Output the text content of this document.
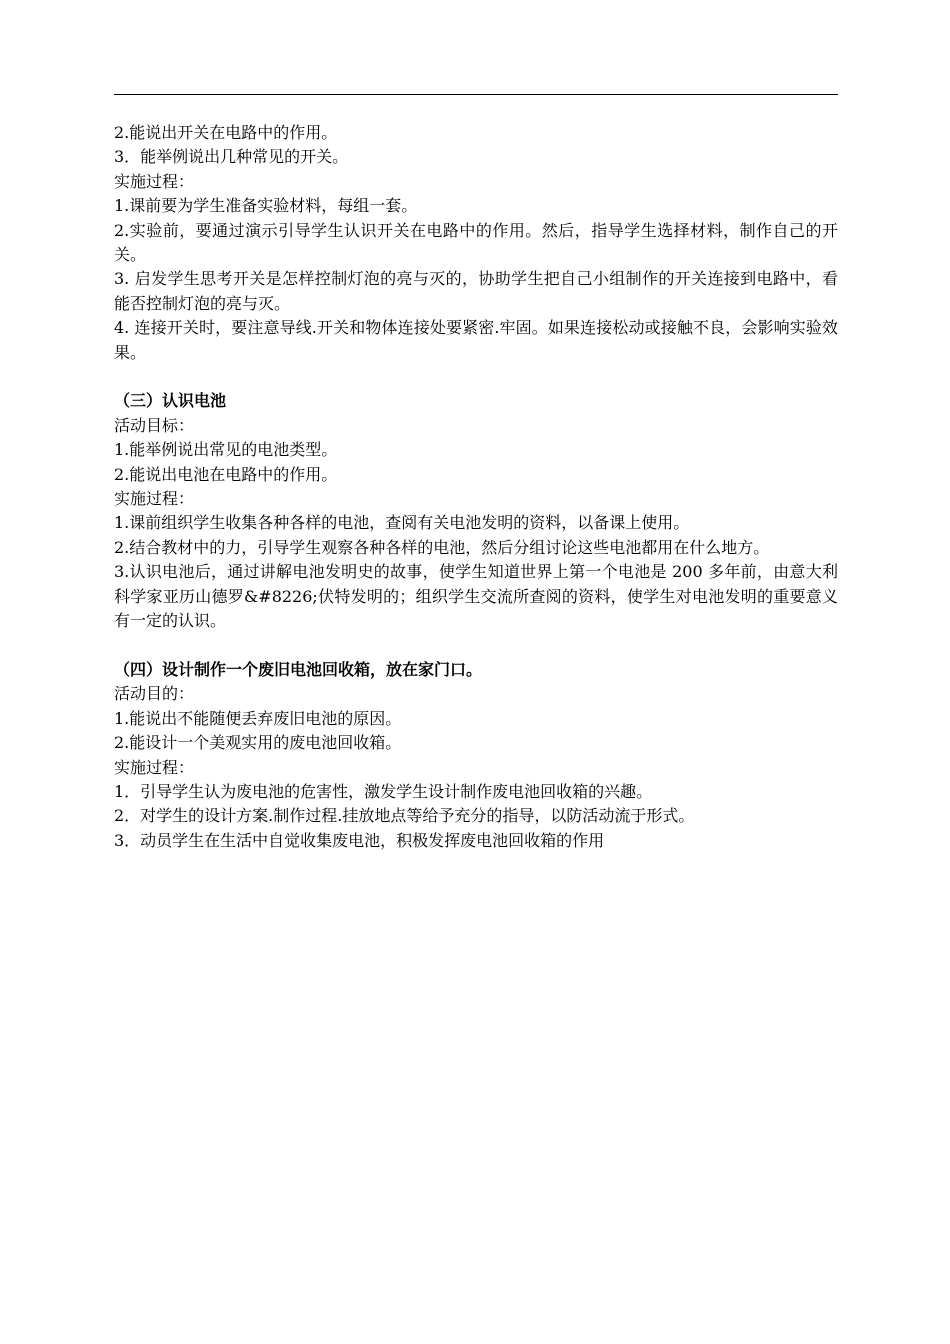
2.能说出开关在电路中的作用。

3．能举例说出几种常见的开关。

实施过程：

1.课前要为学生准备实验材料，每组一套。

2.实验前，要通过演示引导学生认识开关在电路中的作用。然后，指导学生选择材料，制作自己的开关。

3. 启发学生思考开关是怎样控制灯泡的亮与灭的，协助学生把自己小组制作的开关连接到电路中，看能否控制灯泡的亮与灭。

4. 连接开关时，要注意导线.开关和物体连接处要紧密.牢固。如果连接松动或接触不良，会影响实验效果。

（三）认识电池

活动目标：

1.能举例说出常见的电池类型。

2.能说出电池在电路中的作用。

实施过程：

1.课前组织学生收集各种各样的电池，查阅有关电池发明的资料，以备课上使用。

2.结合教材中的力，引导学生观察各种各样的电池，然后分组讨论这些电池都用在什么地方。

3.认识电池后，通过讲解电池发明史的故事，使学生知道世界上第一个电池是 200 多年前，由意大利科学家亚历山德罗&#8226;伏特发明的；组织学生交流所查阅的资料，使学生对电池发明的重要意义有一定的认识。

（四）设计制作一个废旧电池回收箱，放在家门口。

活动目的：

1.能说出不能随便丢弃废旧电池的原因。

2.能设计一个美观实用的废电池回收箱。

实施过程：

1．引导学生认为废电池的危害性，激发学生设计制作废电池回收箱的兴趣。

2．对学生的设计方案.制作过程.挂放地点等给予充分的指导，以防活动流于形式。

3．动员学生在生活中自觉收集废电池，积极发挥废电池回收箱的作用
